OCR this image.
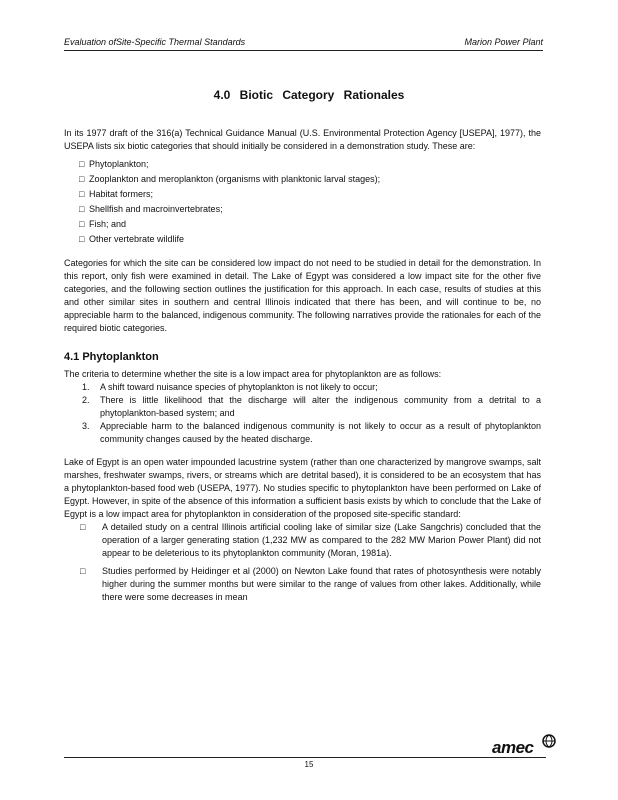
Evaluation ofSite-Specific Thermal Standards	Marion Power Plant
4.0 Biotic Category Rationales

In its 1977 draft of the 316(a) Technical Guidance Manual (U.S. Environmental Protection Agency [USEPA], 1977), the USEPA lists six biotic categories that should initially be considered in a demonstration study. These are:

□ Phytoplankton;
□ Zooplankton and meroplankton (organisms with planktonic larval stages);
□ Habitat formers;
□ Shellfish and macroinvertebrates;
□ Fish; and
□ Other vertebrate wildlife

Categories for which the site can be considered low impact do not need to be studied in detail for the demonstration. In this report, only fish were examined in detail. The Lake of Egypt was considered a low impact site for the other five categories, and the following section outlines the justification for this approach. In each case, results of studies at this and other similar sites in southern and central Illinois indicated that there has been, and will continue to be, no appreciable harm to the balanced, indigenous community. The following narratives provide the rationales for each of the required biotic categories.

4.1 Phytoplankton

The criteria to determine whether the site is a low impact area for phytoplankton are as follows:

1. A shift toward nuisance species of phytoplankton is not likely to occur;
2. There is little likelihood that the discharge will alter the indigenous community from a detrital to a phytoplankton-based system; and
3. Appreciable harm to the balanced indigenous community is not likely to occur as a result of phytoplankton community changes caused by the heated discharge.

Lake of Egypt is an open water impounded lacustrine system (rather than one characterized by mangrove swamps, salt marshes, freshwater swamps, rivers, or streams which are detrital based), it is considered to be an ecosystem that has a phytoplankton-based food web (USEPA, 1977). No studies specific to phytoplankton have been performed on Lake of Egypt. However, in spite of the absence of this information a sufficient basis exists by which to conclude that the Lake of Egypt is a low impact area for phytoplankton in consideration of the proposed site-specific standard:

□ A detailed study on a central Illinois artificial cooling lake of similar size (Lake Sangchris) concluded that the operation of a larger generating station (1,232 MW as compared to the 282 MW Marion Power Plant) did not appear to be deleterious to its phytoplankton community (Moran, 1981a).
□ Studies performed by Heidinger et al (2000) on Newton Lake found that rates of photosynthesis were notably higher during the summer months but were similar to the range of values from other lakes. Additionally, while there were some decreases in mean
15
amec
